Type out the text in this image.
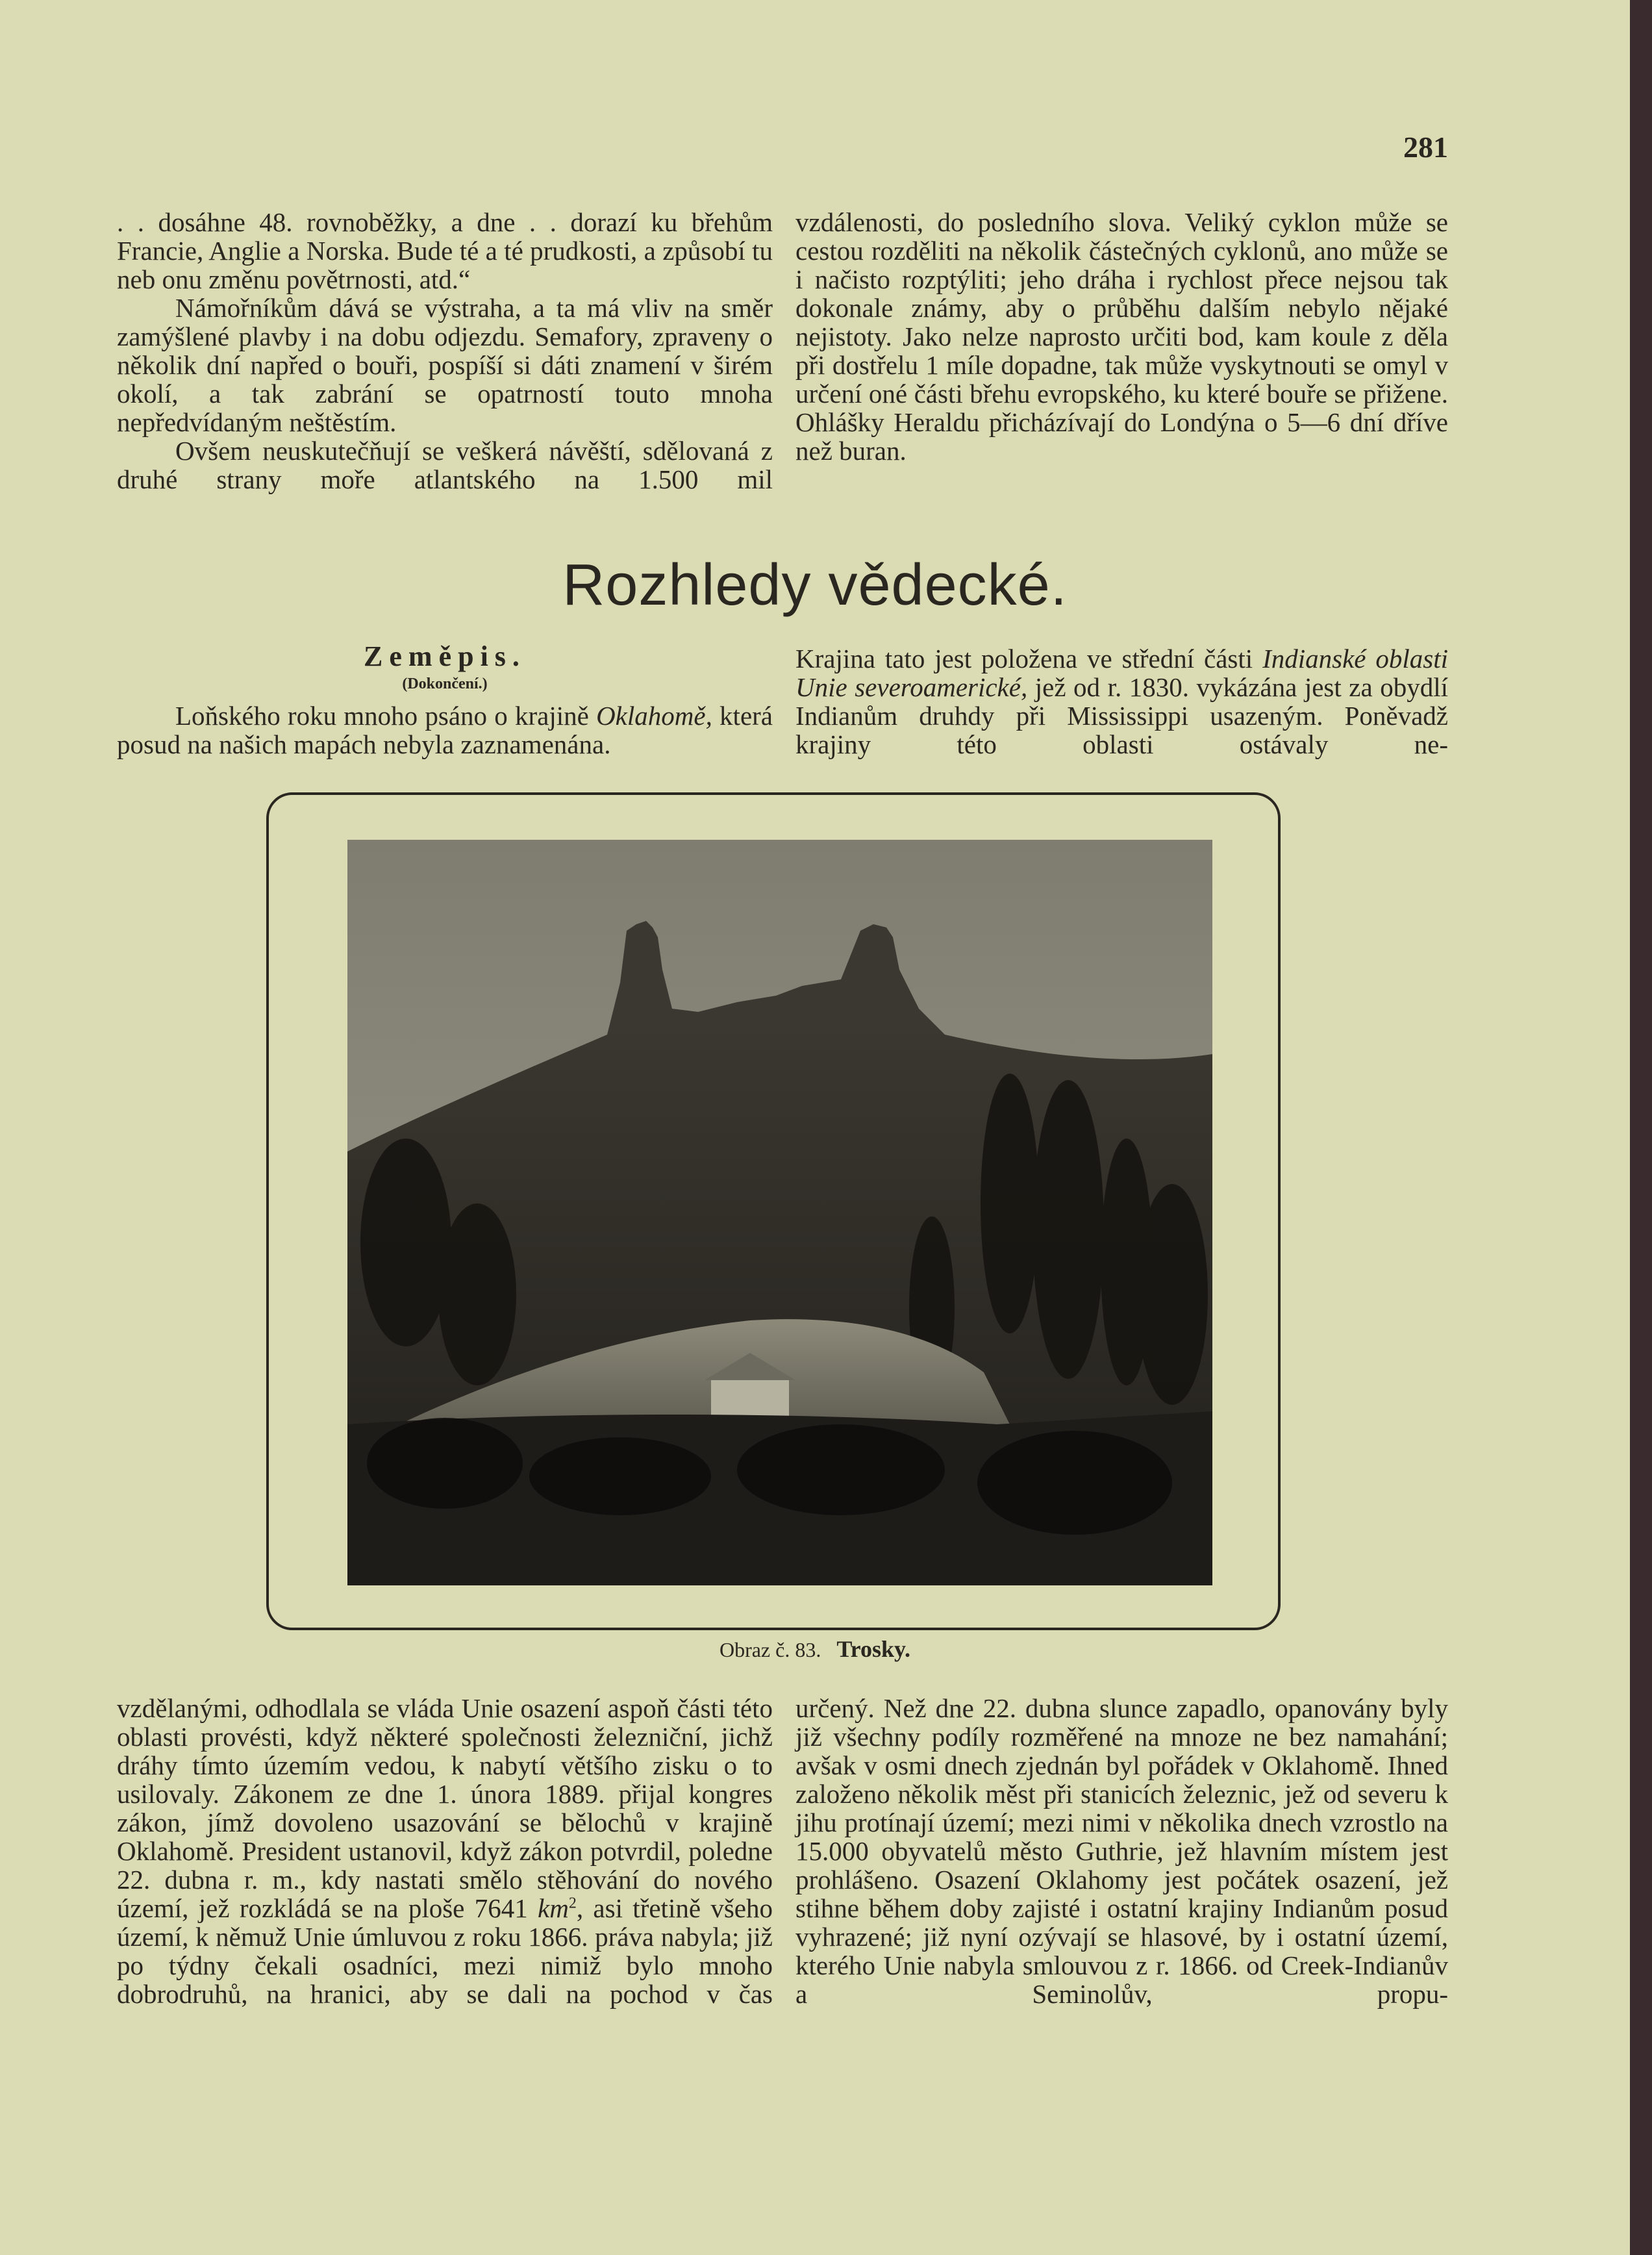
281

. . dosáhne 48. rovnoběžky, a dne . . dorazí ku břehům Francie, Anglie a Norska. Bude té a té prudkosti, a způsobí tu neb onu změnu povětrnosti, atd.“

Námořníkům dává se výstraha, a ta má vliv na směr zamýšlené plavby i na dobu odjezdu. Semafory, zpraveny o několik dní napřed o bouři, pospíší si dáti znamení v širém okolí, a tak zabrání se opatrností touto mnoha nepředvídaným neštěstím.

Ovšem neuskutečňují se veškerá návěští, sdělovaná z druhé strany moře atlantského na 1.500 mil

vzdálenosti, do posledního slova. Veliký cyklon může se cestou rozděliti na několik částečných cyklonů, ano může se i načisto rozptýliti; jeho dráha i rychlost přece nejsou tak dokonale známy, aby o průběhu dalším nebylo nějaké nejistoty. Jako nelze naprosto určiti bod, kam koule z děla při dostřelu 1 míle dopadne, tak může vyskytnouti se omyl v určení oné části břehu evropského, ku které bouře se přižene. Ohlášky Heraldu přicházívají do Londýna o 5—6 dní dříve než buran.

Rozhledy vědecké.
Zeměpis.
(Dokončení.)

Loňského roku mnoho psáno o krajině Oklahomě, která posud na našich mapách nebyla zaznamenána.

Krajina tato jest položena ve střední části Indianské oblasti Unie severoamerické, jež od r. 1830. vykázána jest za obydlí Indianům druhdy při Mississippi usazeným. Poněvadž krajiny této oblasti ostávaly ne-

Obraz č. 83. Trosky.

vzdělanými, odhodlala se vláda Unie osazení aspoň části této oblasti provésti, když některé společnosti železniční, jichž dráhy tímto územím vedou, k nabytí většího zisku o to usilovaly. Zákonem ze dne 1. února 1889. přijal kongres zákon, jímž dovoleno usazování se bělochů v krajině Oklahomě. President ustanovil, když zákon potvrdil, poledne 22. dubna r. m., kdy nastati smělo stěhování do nového území, jež rozkládá se na ploše 7641 $km^2$, asi třetině všeho území, k němuž Unie úmluvou z roku 1866. práva nabyla; již po týdny čekali osadníci, mezi nimiž bylo mnoho dobrodruhů, na hranici, aby se dali na pochod v čas

určený. Než dne 22. dubna slunce zapadlo, opanovány byly již všechny podíly rozměřené na mnoze ne bez namahání; avšak v osmi dnech zjednán byl pořádek v Oklahomě. Ihned založeno několik měst při stanicích železnic, jež od severu k jihu protínají území; mezi nimi v několika dnech vzrostlo na 15.000 obyvatelů město Guthrie, jež hlavním místem jest prohlášeno. Osazení Oklahomy jest počátek osazení, jež stihne během doby zajisté i ostatní krajiny Indianům posud vyhrazené; již nyní ozývají se hlasové, by i ostatní území, kterého Unie nabyla smlouvou z r. 1866. od Creek-Indianův a Seminolův, propu-
